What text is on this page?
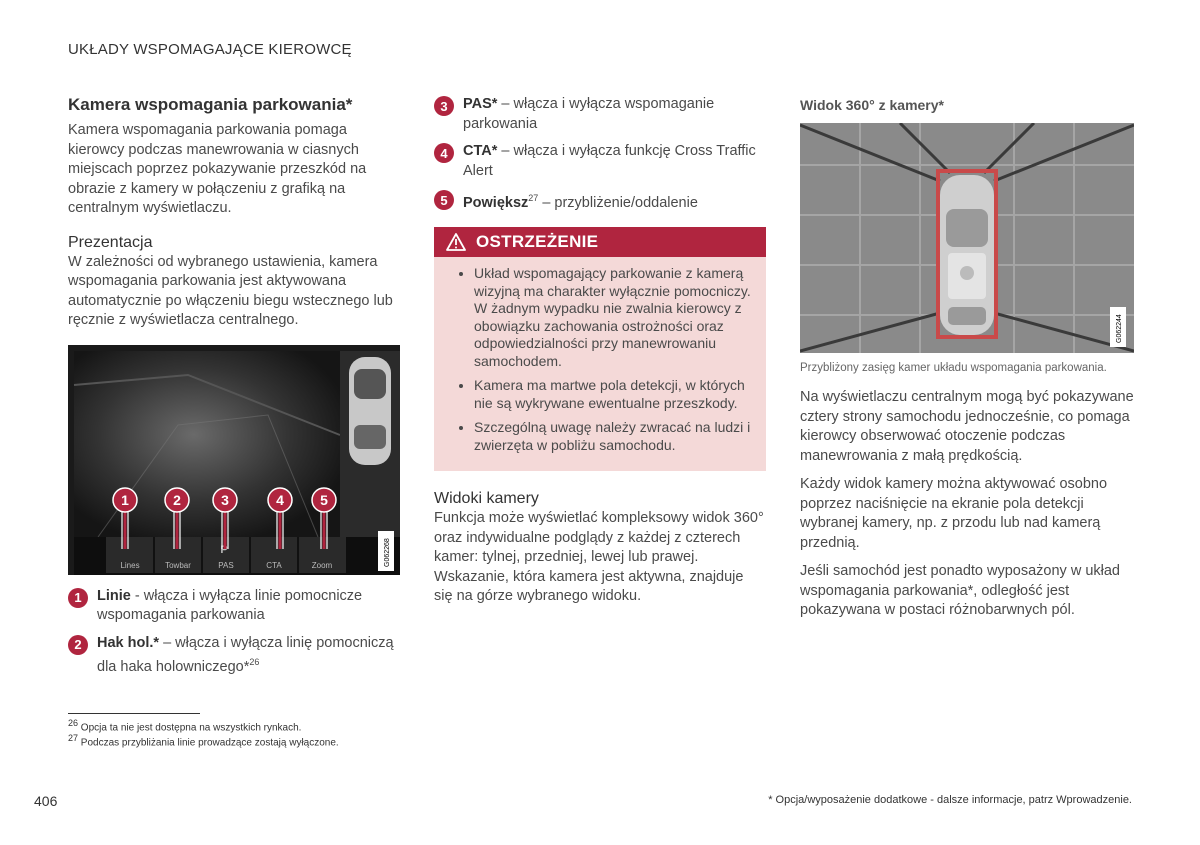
UKŁADY WSPOMAGAJĄCE KIEROWCĘ
Kamera wspomagania parkowania*

Kamera wspomagania parkowania pomaga kierowcy podczas manewrowania w ciasnych miejscach poprzez pokazywanie przeszkód na obrazie z kamery w połączeniu z grafiką na centralnym wyświetlaczu.

Prezentacja

W zależności od wybranego ustawienia, kamera wspomagania parkowania jest aktywowana automatycznie po włączeniu biegu wstecznego lub ręcznie z wyświetlacza centralnego.

Lines	Towbar	PAS	CTA	Zoom
P
1	2	3	4	5
G062268
1	Linie - włącza i wyłącza linie pomocnicze wspomagania parkowania
2	Hak hol.* – włącza i wyłącza linię pomocniczą dla haka holowniczego*$^{26}$
3	PAS* – włącza i wyłącza wspomaganie parkowania
4	CTA* – włącza i wyłącza funkcję Cross Traffic Alert
5	Powiększ$^{27}$ – przybliżenie/oddalenie
OSTRZEŻENIE
• Układ wspomagający parkowanie z kamerą wizyjną ma charakter wyłącznie pomocniczy. W żadnym wypadku nie zwalnia kierowcy z obowiązku zachowania ostrożności oraz odpowiedzialności przy manewrowaniu samochodem.
• Kamera ma martwe pola detekcji, w których nie są wykrywane ewentualne przeszkody.
• Szczególną uwagę należy zwracać na ludzi i zwierzęta w pobliżu samochodu.
Widoki kamery

Funkcja może wyświetlać kompleksowy widok 360° oraz indywidualne podglądy z każdej z czterech kamer: tylnej, przedniej, lewej lub prawej. Wskazanie, która kamera jest aktywna, znajduje się na górze wybranego widoku.

Widok 360° z kamery*
G062244
Przybliżony zasięg kamer układu wspomagania parkowania.

Na wyświetlaczu centralnym mogą być pokazywane cztery strony samochodu jednocześnie, co pomaga kierowcy obserwować otoczenie podczas manewrowania z małą prędkością.

Każdy widok kamery można aktywować osobno poprzez naciśnięcie na ekranie pola detekcji wybranej kamery, np. z przodu lub nad kamerą przednią.

Jeśli samochód jest ponadto wyposażony w układ wspomagania parkowania*, odległość jest pokazywana w postaci różnobarwnych pól.

$^{26}$ Opcja ta nie jest dostępna na wszystkich rynkach.
$^{27}$ Podczas przybliżania linie prowadzące zostają wyłączone.
406	* Opcja/wyposażenie dodatkowe - dalsze informacje, patrz Wprowadzenie.
